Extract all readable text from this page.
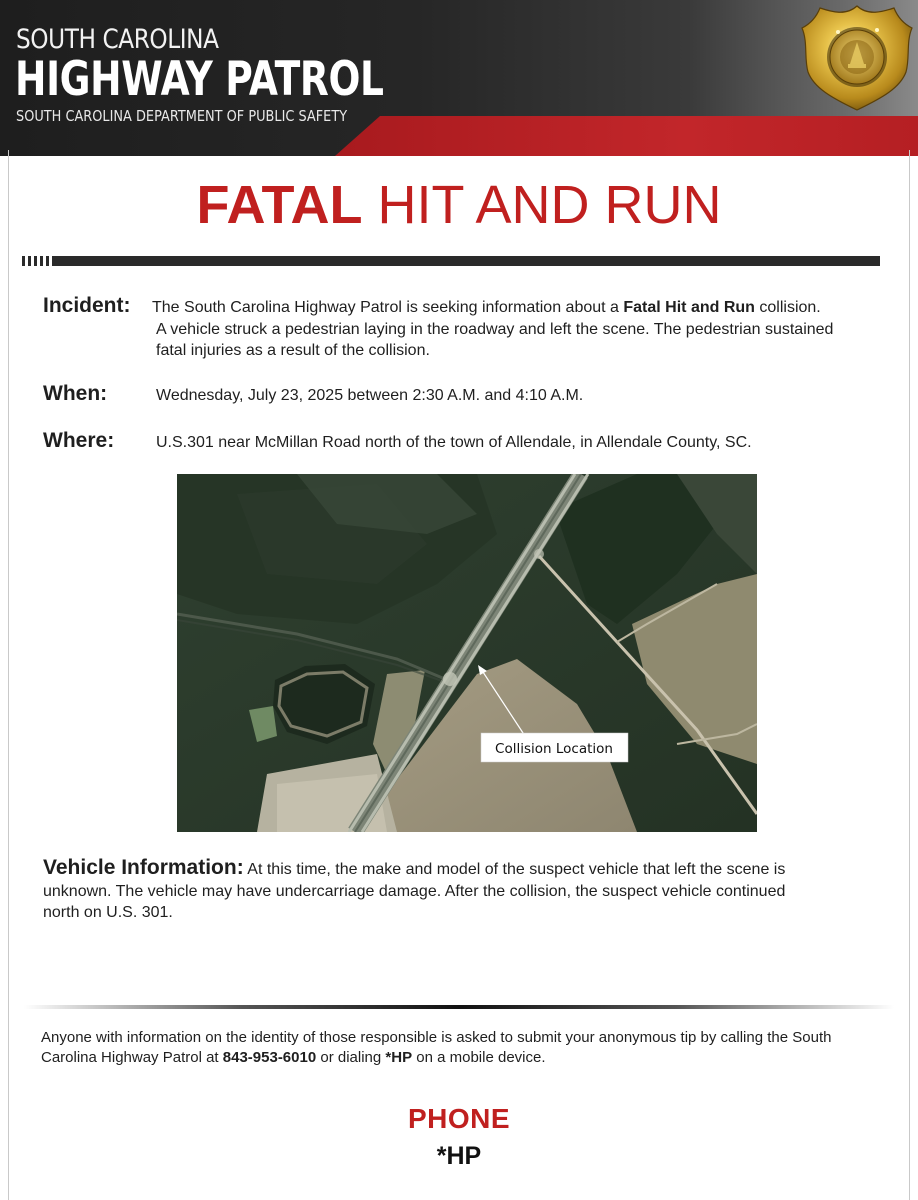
SOUTH CAROLINA
HIGHWAY PATROL
SOUTH CAROLINA DEPARTMENT OF PUBLIC SAFETY
FATAL HIT AND RUN
Incident: The South Carolina Highway Patrol is seeking information about a Fatal Hit and Run collision.
A vehicle struck a pedestrian laying in the roadway and left the scene. The pedestrian sustained
fatal injuries as a result of the collision.
When:	Wednesday, July 23, 2025 between 2:30 A.M. and 4:10 A.M.
Where:	U.S.301 near McMillan Road north of the town of Allendale, in Allendale County, SC.
Collision Location
Vehicle Information: At this time, the make and model of the suspect vehicle that left the scene is
unknown. The vehicle may have undercarriage damage. After the collision, the suspect vehicle continued
north on U.S. 301.
Anyone with information on the identity of those responsible is asked to submit your anonymous tip by calling the South
Carolina Highway Patrol at 843-953-6010 or dialing *HP on a mobile device.
PHONE
*HP
